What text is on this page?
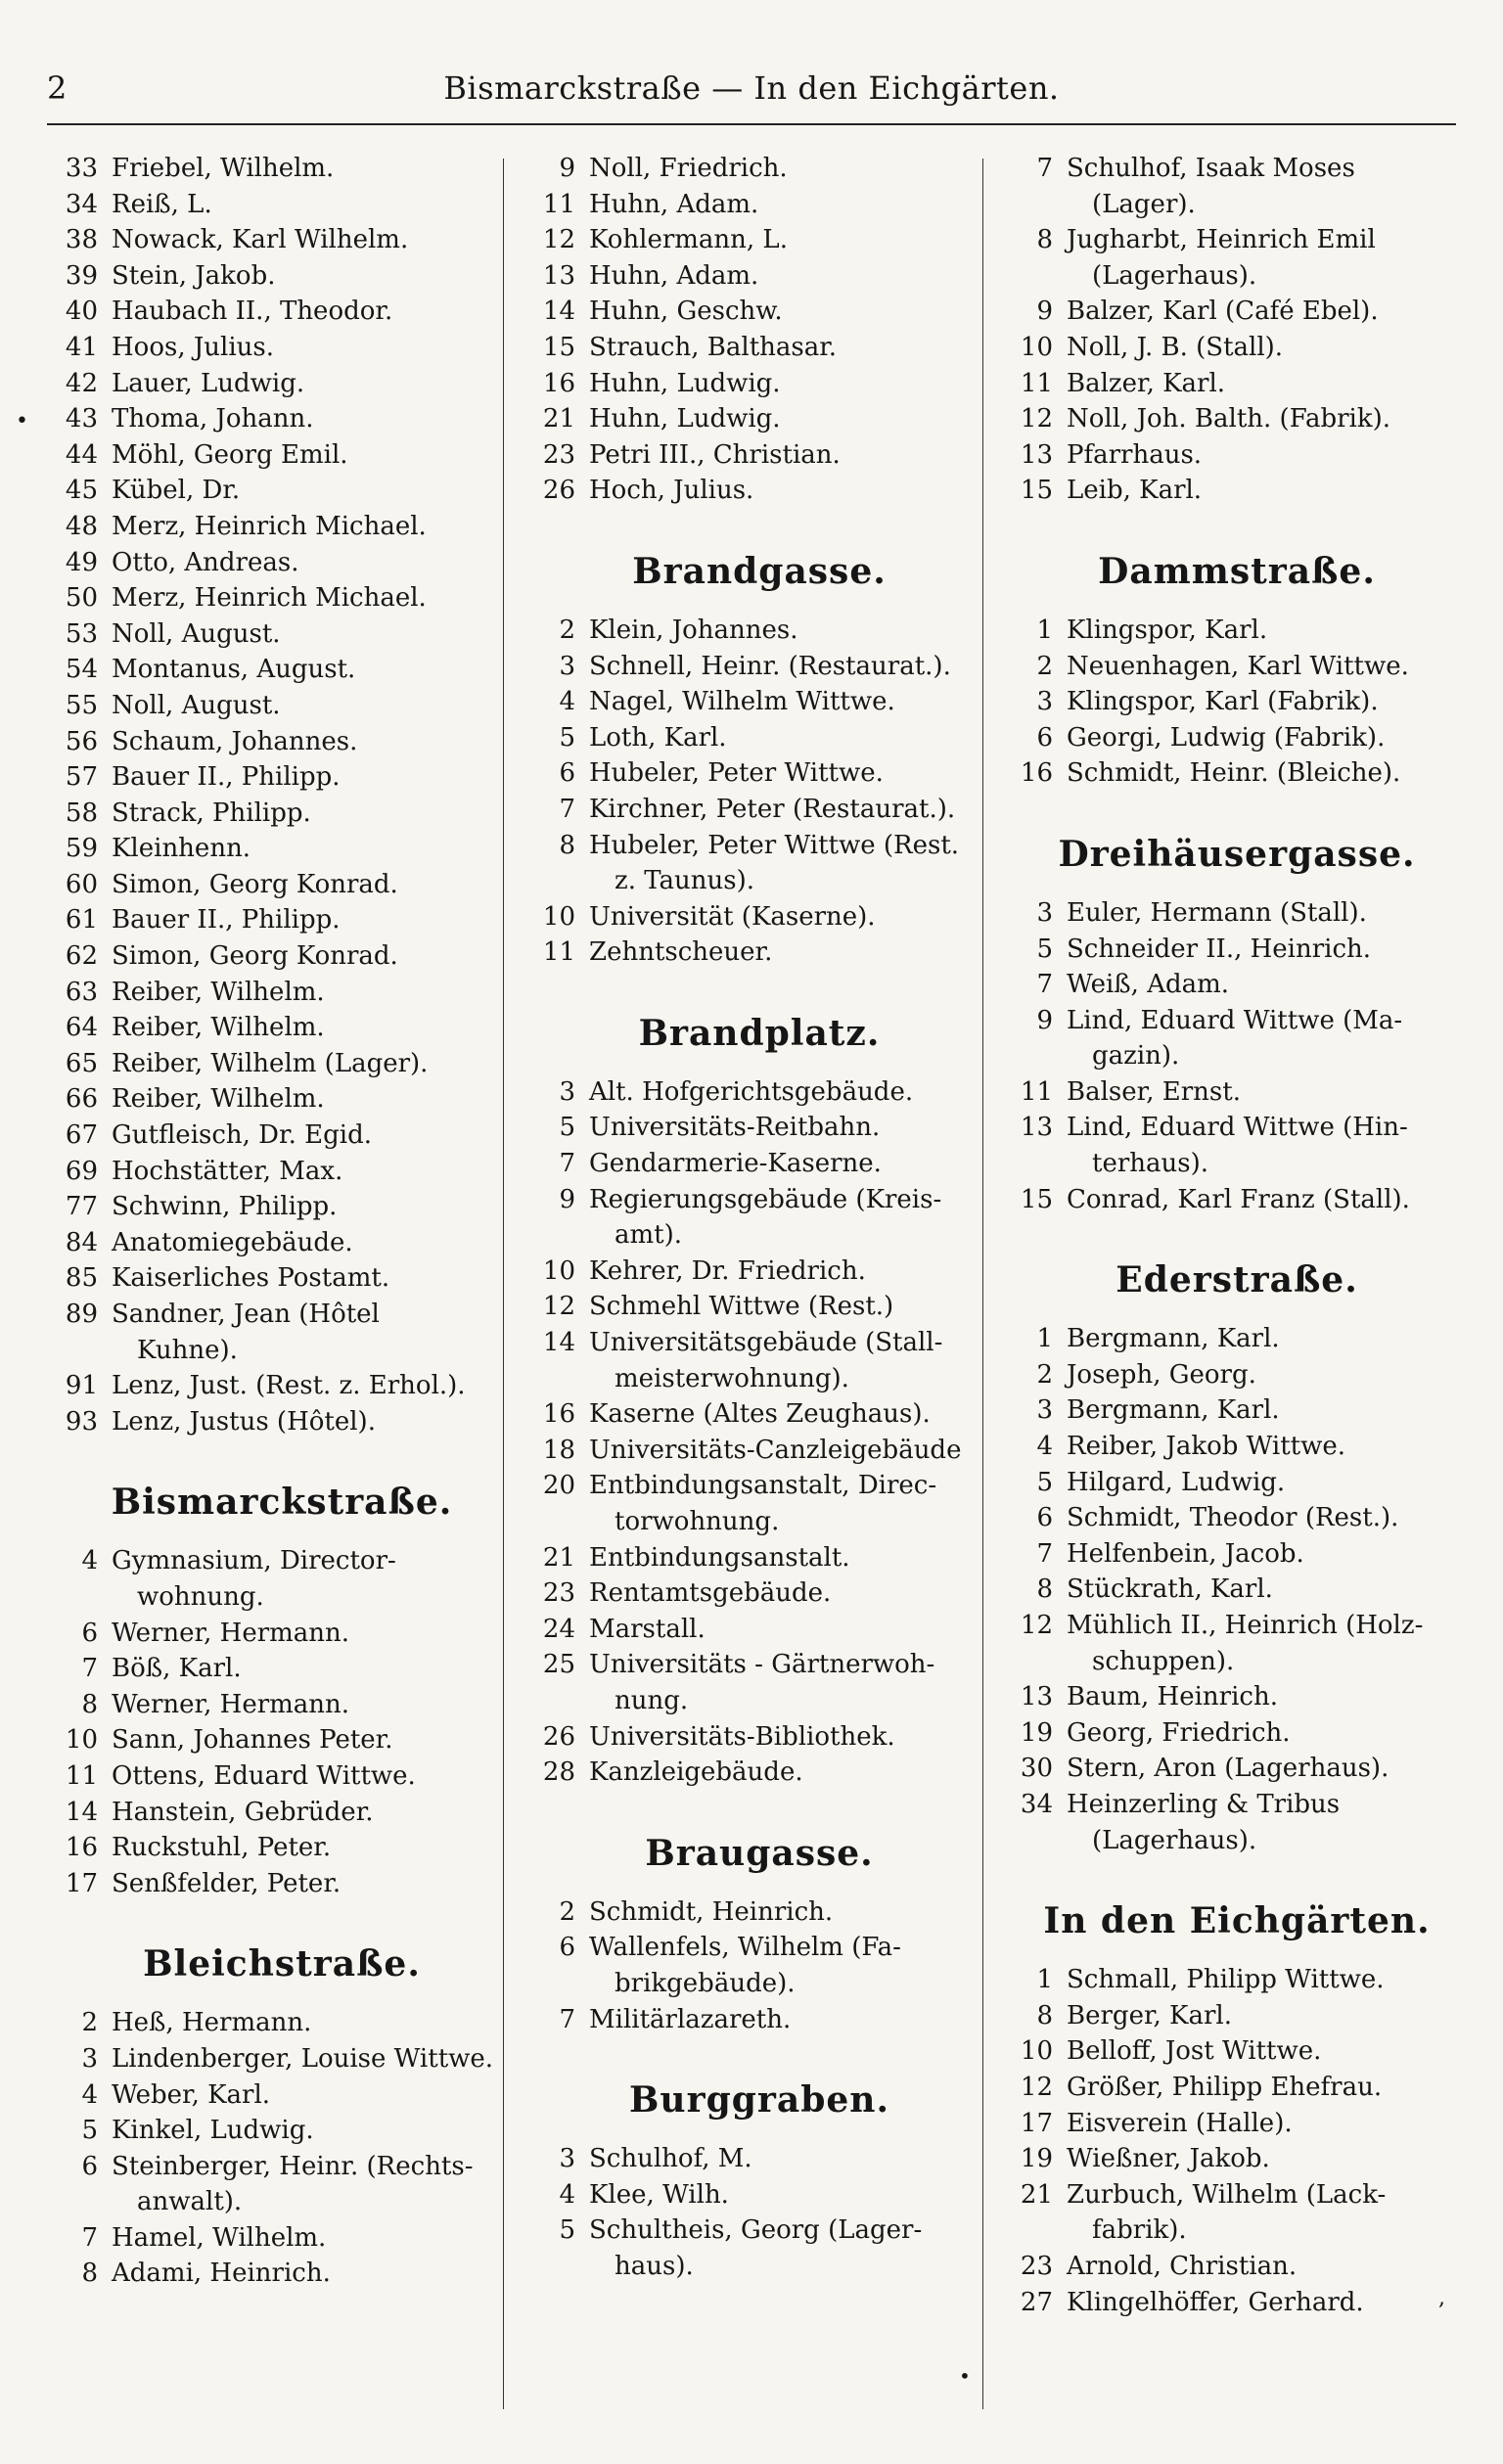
2	Bismarckstraße — In den Eichgärten.
33 Friebel, Wilhelm.
34 Reiß, L.
38 Nowack, Karl Wilhelm.
39 Stein, Jakob.
40 Haubach II., Theodor.
41 Hoos, Julius.
42 Lauer, Ludwig.
43 Thoma, Johann.
44 Möhl, Georg Emil.
45 Kübel, Dr.
48 Merz, Heinrich Michael.
49 Otto, Andreas.
50 Merz, Heinrich Michael.
53 Noll, August.
54 Montanus, August.
55 Noll, August.
56 Schaum, Johannes.
57 Bauer II., Philipp.
58 Strack, Philipp.
59 Kleinhenn.
60 Simon, Georg Konrad.
61 Bauer II., Philipp.
62 Simon, Georg Konrad.
63 Reiber, Wilhelm.
64 Reiber, Wilhelm.
65 Reiber, Wilhelm (Lager).
66 Reiber, Wilhelm.
67 Gutfleisch, Dr. Egid.
69 Hochstätter, Max.
77 Schwinn, Philipp.
84 Anatomiegebäude.
85 Kaiserliches Postamt.
89 Sandner, Jean (Hôtel
Kuhne).
91 Lenz, Just. (Rest. z. Erhol.).
93 Lenz, Justus (Hôtel).
Bismarckstraße.
4 Gymnasium, Director-
wohnung.
6 Werner, Hermann.
7 Böß, Karl.
8 Werner, Hermann.
10 Sann, Johannes Peter.
11 Ottens, Eduard Wittwe.
14 Hanstein, Gebrüder.
16 Ruckstuhl, Peter.
17 Senßfelder, Peter.
Bleichstraße.
2 Heß, Hermann.
3 Lindenberger, Louise Wittwe.
4 Weber, Karl.
5 Kinkel, Ludwig.
6 Steinberger, Heinr. (Rechts-
anwalt).
7 Hamel, Wilhelm.
8 Adami, Heinrich.
9 Noll, Friedrich.
11 Huhn, Adam.
12 Kohlermann, L.
13 Huhn, Adam.
14 Huhn, Geschw.
15 Strauch, Balthasar.
16 Huhn, Ludwig.
21 Huhn, Ludwig.
23 Petri III., Christian.
26 Hoch, Julius.
Brandgasse.
2 Klein, Johannes.
3 Schnell, Heinr. (Restaurat.).
4 Nagel, Wilhelm Wittwe.
5 Loth, Karl.
6 Hubeler, Peter Wittwe.
7 Kirchner, Peter (Restaurat.).
8 Hubeler, Peter Wittwe (Rest.
z. Taunus).
10 Universität (Kaserne).
11 Zehntscheuer.
Brandplatz.
3 Alt. Hofgerichtsgebäude.
5 Universitäts-Reitbahn.
7 Gendarmerie-Kaserne.
9 Regierungsgebäude (Kreis-
amt).
10 Kehrer, Dr. Friedrich.
12 Schmehl Wittwe (Rest.)
14 Universitätsgebäude (Stall-
meisterwohnung).
16 Kaserne (Altes Zeughaus).
18 Universitäts-Canzleigebäude
20 Entbindungsanstalt, Direc-
torwohnung.
21 Entbindungsanstalt.
23 Rentamtsgebäude.
24 Marstall.
25 Universitäts - Gärtnerwoh-
nung.
26 Universitäts-Bibliothek.
28 Kanzleigebäude.
Braugasse.
2 Schmidt, Heinrich.
6 Wallenfels, Wilhelm (Fa-
brikgebäude).
7 Militärlazareth.
Burggraben.
3 Schulhof, M.
4 Klee, Wilh.
5 Schultheis, Georg (Lager-
haus).
7 Schulhof, Isaak Moses
(Lager).
8 Jugharbt, Heinrich Emil
(Lagerhaus).
9 Balzer, Karl (Café Ebel).
10 Noll, J. B. (Stall).
11 Balzer, Karl.
12 Noll, Joh. Balth. (Fabrik).
13 Pfarrhaus.
15 Leib, Karl.
Dammstraße.
1 Klingspor, Karl.
2 Neuenhagen, Karl Wittwe.
3 Klingspor, Karl (Fabrik).
6 Georgi, Ludwig (Fabrik).
16 Schmidt, Heinr. (Bleiche).
Dreihäusergasse.
3 Euler, Hermann (Stall).
5 Schneider II., Heinrich.
7 Weiß, Adam.
9 Lind, Eduard Wittwe (Ma-
gazin).
11 Balser, Ernst.
13 Lind, Eduard Wittwe (Hin-
terhaus).
15 Conrad, Karl Franz (Stall).
Ederstraße.
1 Bergmann, Karl.
2 Joseph, Georg.
3 Bergmann, Karl.
4 Reiber, Jakob Wittwe.
5 Hilgard, Ludwig.
6 Schmidt, Theodor (Rest.).
7 Helfenbein, Jacob.
8 Stückrath, Karl.
12 Mühlich II., Heinrich (Holz-
schuppen).
13 Baum, Heinrich.
19 Georg, Friedrich.
30 Stern, Aron (Lagerhaus).
34 Heinzerling & Tribus
(Lagerhaus).
In den Eichgärten.
1 Schmall, Philipp Wittwe.
8 Berger, Karl.
10 Belloff, Jost Wittwe.
12 Größer, Philipp Ehefrau.
17 Eisverein (Halle).
19 Wießner, Jakob.
21 Zurbuch, Wilhelm (Lack-
fabrik).
23 Arnold, Christian.
27 Klingelhöffer, Gerhard.
•
,
•
